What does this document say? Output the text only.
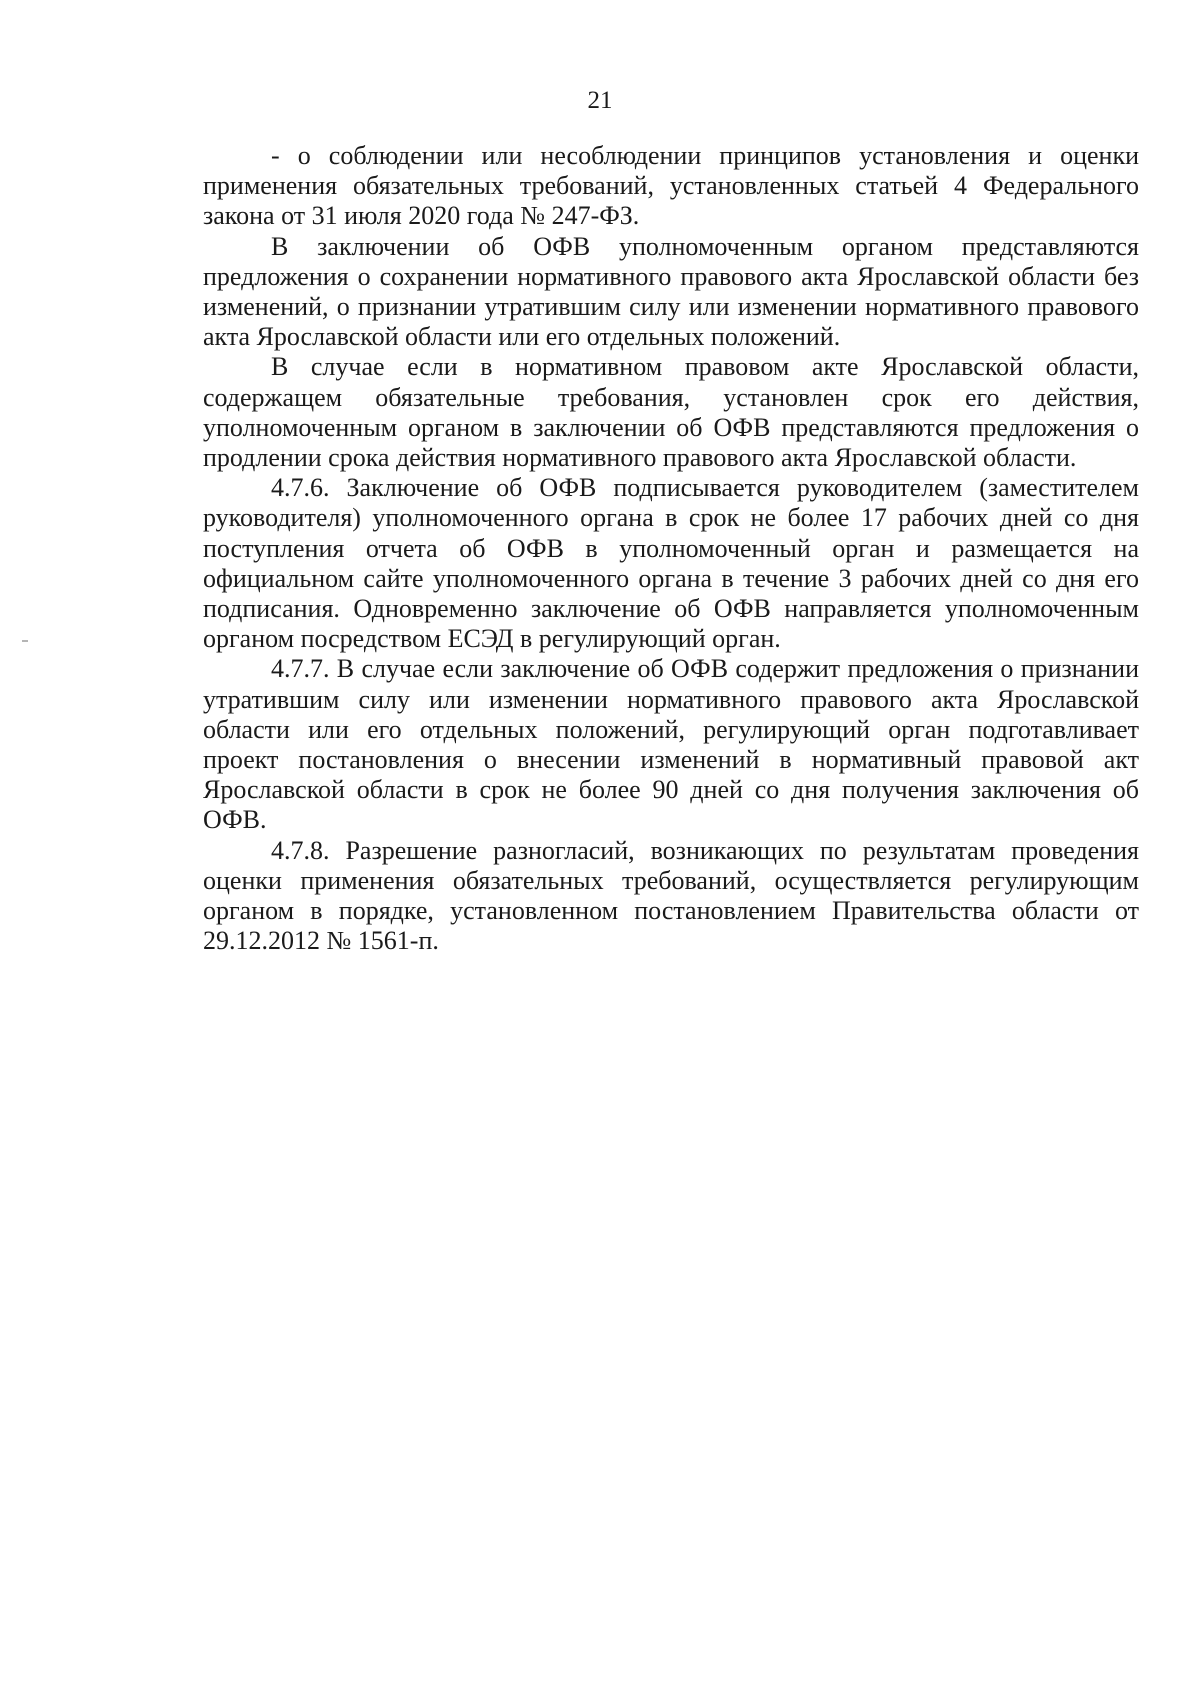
21

- о соблюдении или несоблюдении принципов установления и оценки применения обязательных требований, установленных статьей 4 Федерального закона от 31 июля 2020 года № 247-ФЗ.

В заключении об ОФВ уполномоченным органом представляются предложения о сохранении нормативного правового акта Ярославской области без изменений, о признании утратившим силу или изменении нормативного правового акта Ярославской области или его отдельных положений.

В случае если в нормативном правовом акте Ярославской области, содержащем обязательные требования, установлен срок его действия, уполномоченным органом в заключении об ОФВ представляются предложения о продлении срока действия нормативного правового акта Ярославской области.

4.7.6. Заключение об ОФВ подписывается руководителем (заместителем руководителя) уполномоченного органа в срок не более 17 рабочих дней со дня поступления отчета об ОФВ в уполномоченный орган и размещается на официальном сайте уполномоченного органа в течение 3 рабочих дней со дня его подписания. Одновременно заключение об ОФВ направляется уполномоченным органом посредством ЕСЭД в регулирующий орган.

4.7.7. В случае если заключение об ОФВ содержит предложения о признании утратившим силу или изменении нормативного правового акта Ярославской области или его отдельных положений, регулирующий орган подготавливает проект постановления о внесении изменений в нормативный правовой акт Ярославской области в срок не более 90 дней со дня получения заключения об ОФВ.

4.7.8. Разрешение разногласий, возникающих по результатам проведения оценки применения обязательных требований, осуществляется регулирующим органом в порядке, установленном постановлением Правительства области от 29.12.2012 № 1561-п.
